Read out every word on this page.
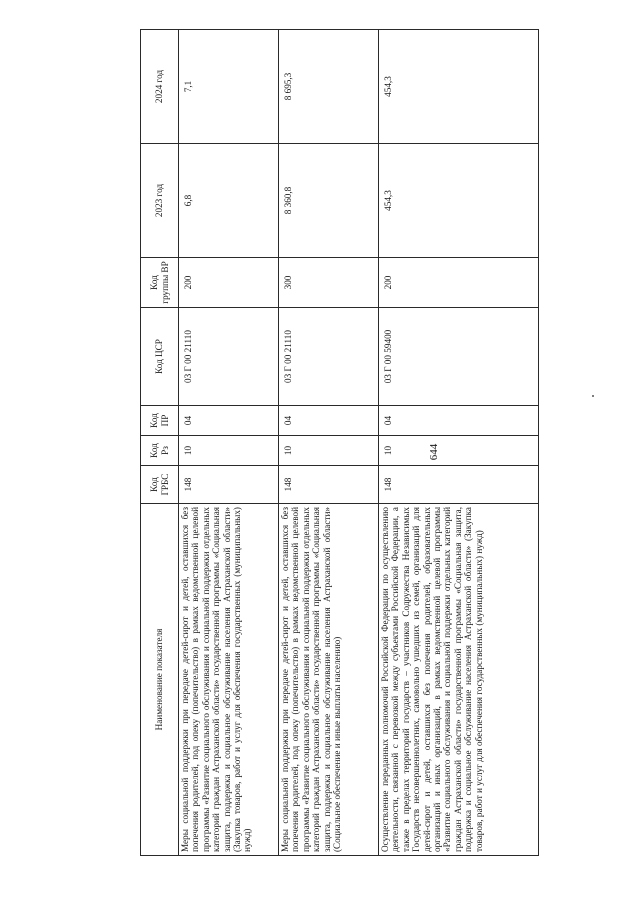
644
Наименование показателя	Код ГРБС	Код Рз	Код ПР	Код ЦСР	Код группы ВР	2023 год	2024 год
Меры социальной поддержки при передаче детей-сирот и детей, оставшихся без попечения родителей, под опеку (попечительство) в рамках ведомственной целевой программы «Развитие социального обслуживания и социальной поддержки отдельных категорий граждан Астраханской области» государственной программы «Социальная защита, поддержка и социальное обслуживание населения Астраханской области» (Закупка товаров, работ и услуг для обеспечения государственных (муниципальных) нужд)	148	10	04	03 Г 00 21110	200	6,8	7,1
Меры социальной поддержки при передаче детей-сирот и детей, оставшихся без попечения родителей, под опеку (попечительство) в рамках ведомственной целевой программы «Развитие социального обслуживания и социальной поддержки отдельных категорий граждан Астраханской области» государственной программы «Социальная защита, поддержка и социальное обслуживание населения Астраханской области» (Социальное обеспечение и иные выплаты населению)	148	10	04	03 Г 00 21110	300	8 360,8	8 695,3
Осуществление переданных полномочий Российской Федерации по осуществлению деятельности, связанной с перевозкой между субъектами Российской Федерации, а также в пределах территорий государств – участников Содружества Независимых Государств несовершеннолетних, самовольно ушедших из семей, организаций для детей-сирот и детей, оставшихся без попечения родителей, образовательных организаций и иных организаций, в рамках ведомственной целевой программы «Развитие социального обслуживания и социальной поддержки отдельных категорий граждан Астраханской области» государственной программы «Социальная защита, поддержка и социальное обслуживание населения Астраханской области» (Закупка товаров, работ и услуг для обеспечения государственных (муниципальных) нужд)	148	10	04	03 Г 00 59400	200	454,3	454,3
